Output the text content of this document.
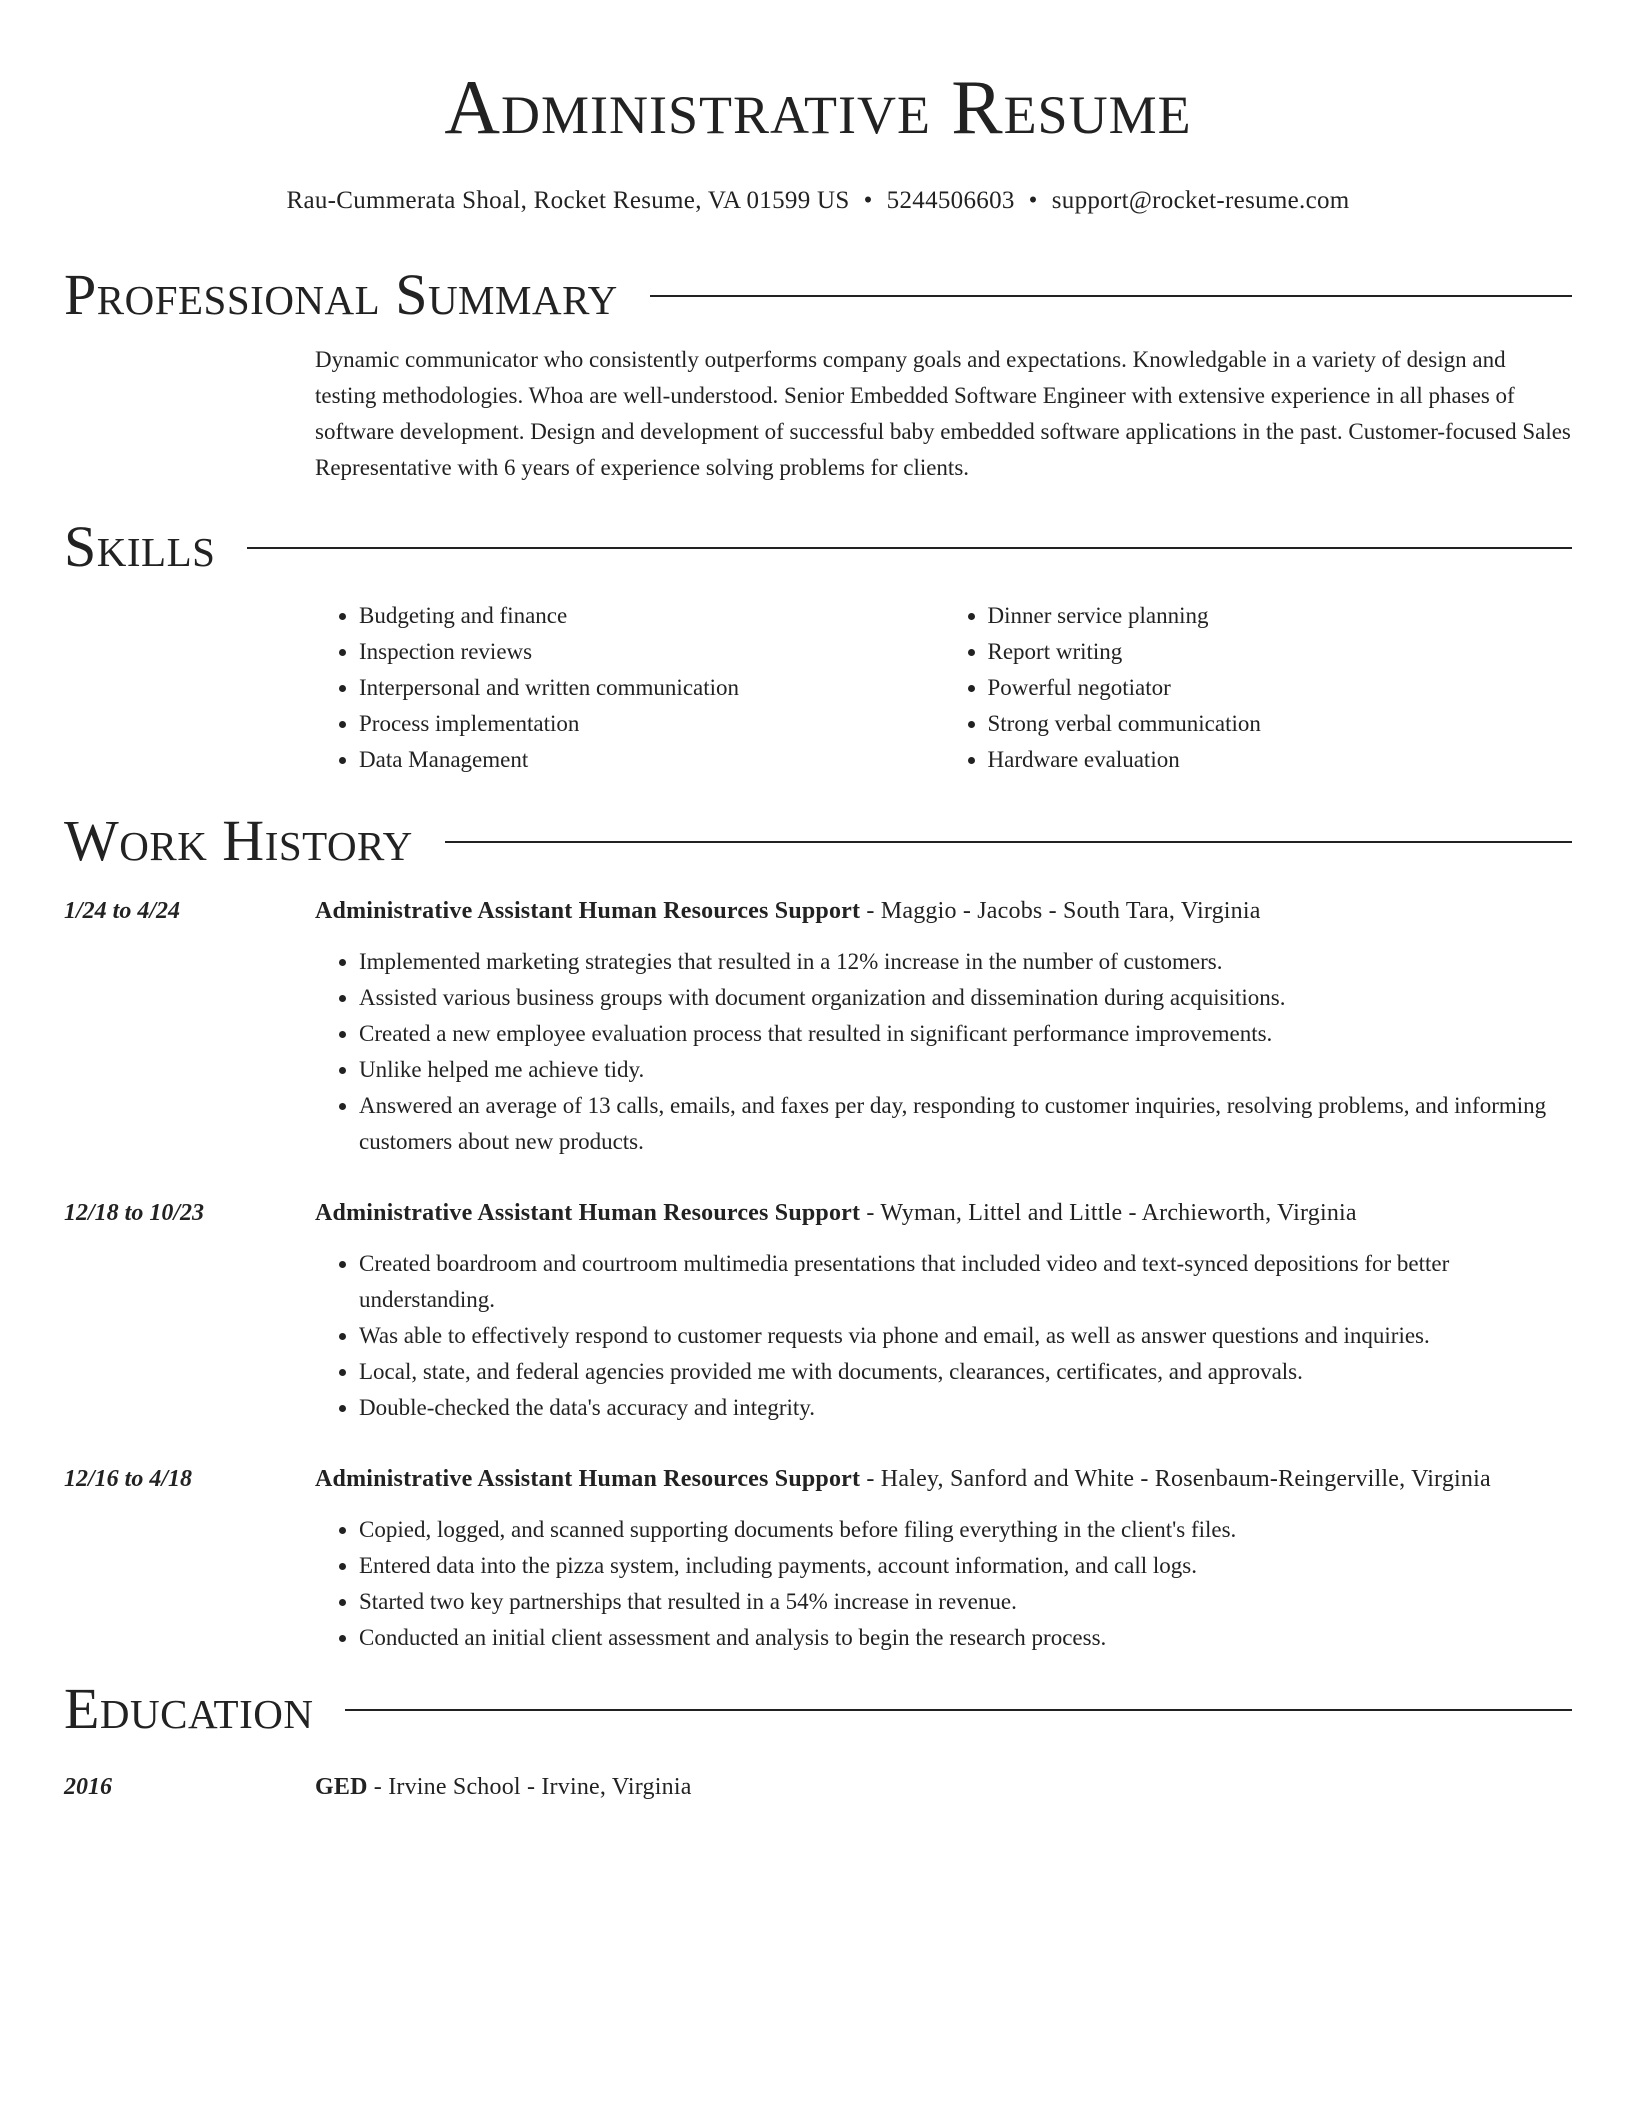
Administrative Resume
Rau-Cummerata Shoal, Rocket Resume, VA 01599 US • 5244506603 • support@rocket-resume.com
Professional Summary
Dynamic communicator who consistently outperforms company goals and expectations. Knowledgable in a variety of design and testing methodologies. Whoa are well-understood. Senior Embedded Software Engineer with extensive experience in all phases of software development. Design and development of successful baby embedded software applications in the past. Customer-focused Sales Representative with 6 years of experience solving problems for clients.
Skills
• Budgeting and finance
• Inspection reviews
• Interpersonal and written communication
• Process implementation
• Data Management
• Dinner service planning
• Report writing
• Powerful negotiator
• Strong verbal communication
• Hardware evaluation
Work History
1/24 to 4/24	Administrative Assistant Human Resources Support - Maggio - Jacobs - South Tara, Virginia
• Implemented marketing strategies that resulted in a 12% increase in the number of customers.
• Assisted various business groups with document organization and dissemination during acquisitions.
• Created a new employee evaluation process that resulted in significant performance improvements.
• Unlike helped me achieve tidy.
• Answered an average of 13 calls, emails, and faxes per day, responding to customer inquiries, resolving problems, and informing customers about new products.
12/18 to 10/23	Administrative Assistant Human Resources Support - Wyman, Littel and Little - Archieworth, Virginia
• Created boardroom and courtroom multimedia presentations that included video and text-synced depositions for better understanding.
• Was able to effectively respond to customer requests via phone and email, as well as answer questions and inquiries.
• Local, state, and federal agencies provided me with documents, clearances, certificates, and approvals.
• Double-checked the data's accuracy and integrity.
12/16 to 4/18	Administrative Assistant Human Resources Support - Haley, Sanford and White - Rosenbaum-Reingerville, Virginia
• Copied, logged, and scanned supporting documents before filing everything in the client's files.
• Entered data into the pizza system, including payments, account information, and call logs.
• Started two key partnerships that resulted in a 54% increase in revenue.
• Conducted an initial client assessment and analysis to begin the research process.
Education
2016	GED - Irvine School - Irvine, Virginia
